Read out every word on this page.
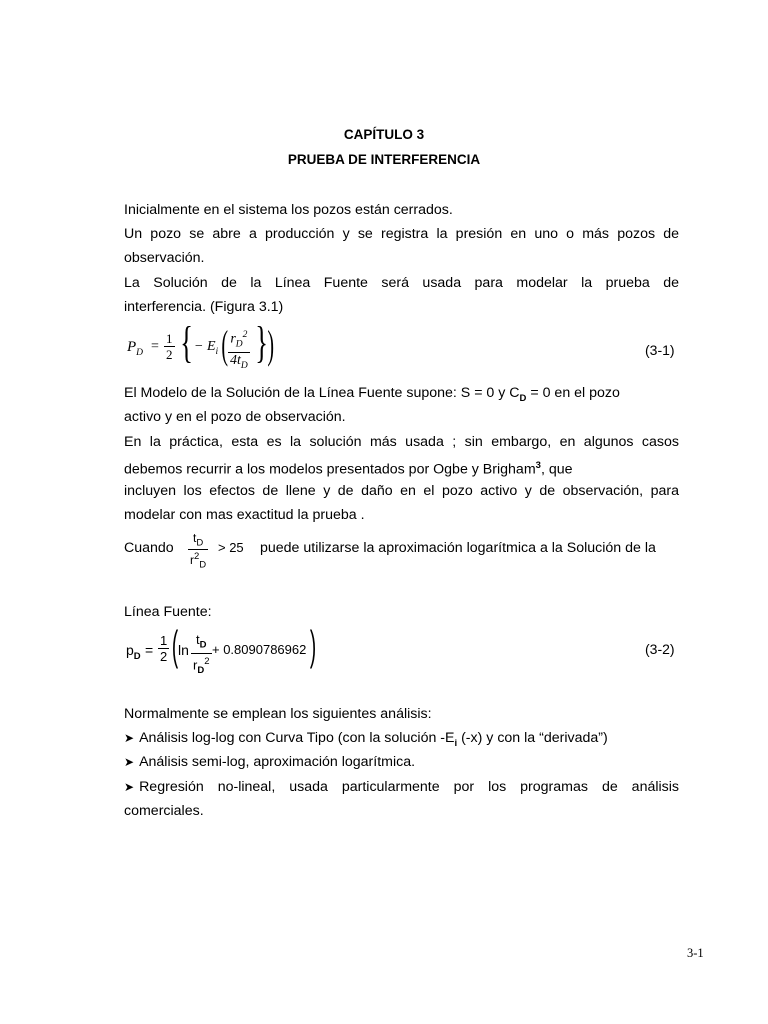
CAPÍTULO 3
PRUEBA DE INTERFERENCIA
Inicialmente en el sistema los pozos están cerrados.
Un pozo se abre a producción y se registra la presión en uno o más pozos de
observación.
La Solución de la Línea Fuente será usada para modelar la prueba de
interferencia. (Figura 3.1)
$P_D = \frac{1}{2}$ { − $E_i$ ( $\frac{r_D^2}{4t_D}$ )
}	(3-1)
El Modelo de la Solución de la Línea Fuente supone: S = 0 y $C_D = 0$ en el pozo
activo y en el pozo de observación.
En la práctica, esta es la solución más usada ; sin embargo, en algunos casos
debemos recurrir a los modelos presentados por Ogbe y Brigham$^3$, que
incluyen los efectos de llene y de daño en el pozo activo y de observación, para
modelar con mas exactitud la prueba .
Cuando $\frac{t_D}{r^2_D} > 25$ puede utilizarse la aproximación logarítmica a la Solución de la
Línea Fuente:
$p_D = \frac{1}{2}$ ( $\ln \frac{t_D}{r_D^2} + 0.8090786962$ )	(3-2)
Normalmente se emplean los siguientes análisis:
➤ Análisis log-log con Curva Tipo (con la solución $-E_i$ (-x) y con la “derivada”)
➤ Análisis semi-log, aproximación logarítmica.
➤ Regresión no-lineal, usada particularmente por los programas de análisis
comerciales.
3-1
